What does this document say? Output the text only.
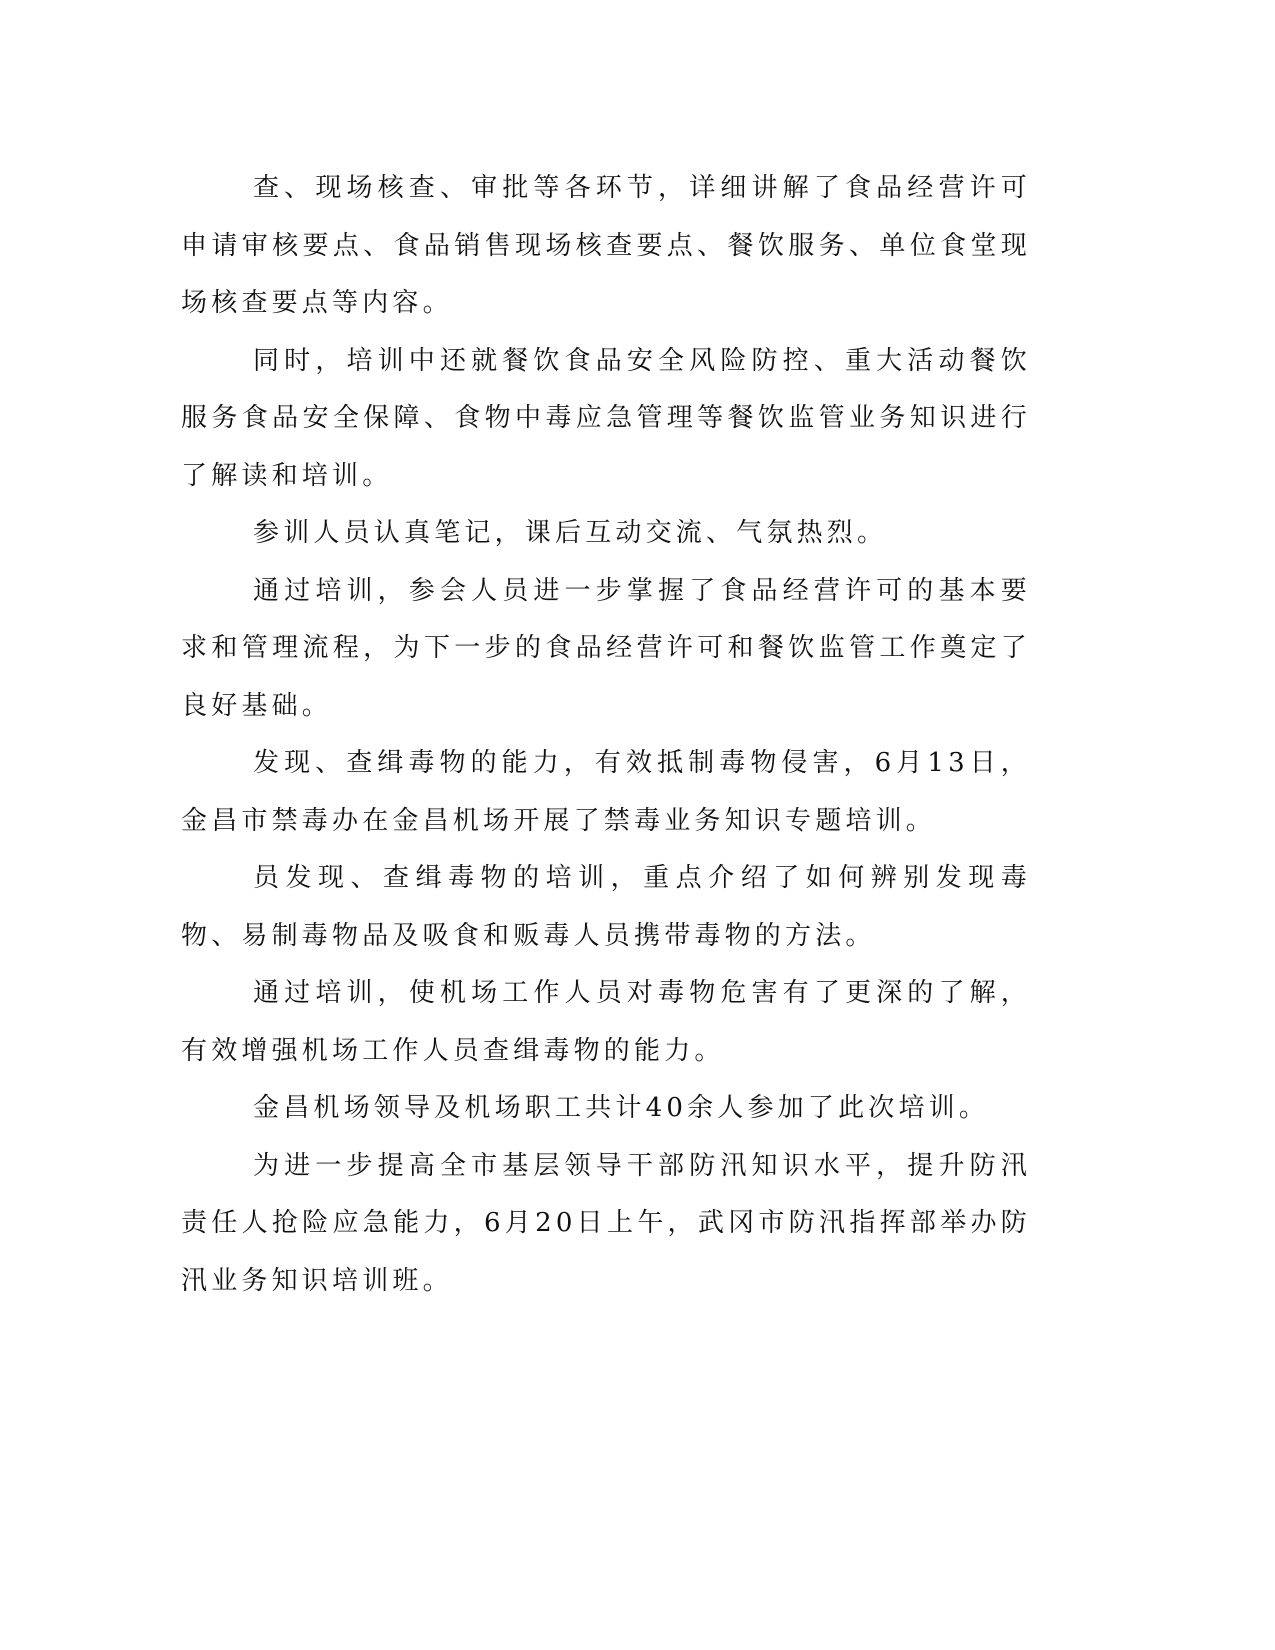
查、现场核查、审批等各环节，详细讲解了食品经营许可申请审核要点、食品销售现场核查要点、餐饮服务、单位食堂现场核查要点等内容。

同时，培训中还就餐饮食品安全风险防控、重大活动餐饮服务食品安全保障、食物中毒应急管理等餐饮监管业务知识进行了解读和培训。

参训人员认真笔记，课后互动交流、气氛热烈。

通过培训，参会人员进一步掌握了食品经营许可的基本要求和管理流程，为下一步的食品经营许可和餐饮监管工作奠定了良好基础。

发现、查缉毒物的能力，有效抵制毒物侵害，6月13日，金昌市禁毒办在金昌机场开展了禁毒业务知识专题培训。

员发现、查缉毒物的培训，重点介绍了如何辨别发现毒物、易制毒物品及吸食和贩毒人员携带毒物的方法。

通过培训，使机场工作人员对毒物危害有了更深的了解，有效增强机场工作人员查缉毒物的能力。

金昌机场领导及机场职工共计40余人参加了此次培训。

为进一步提高全市基层领导干部防汛知识水平，提升防汛责任人抢险应急能力，6月20日上午，武冈市防汛指挥部举办防汛业务知识培训班。
